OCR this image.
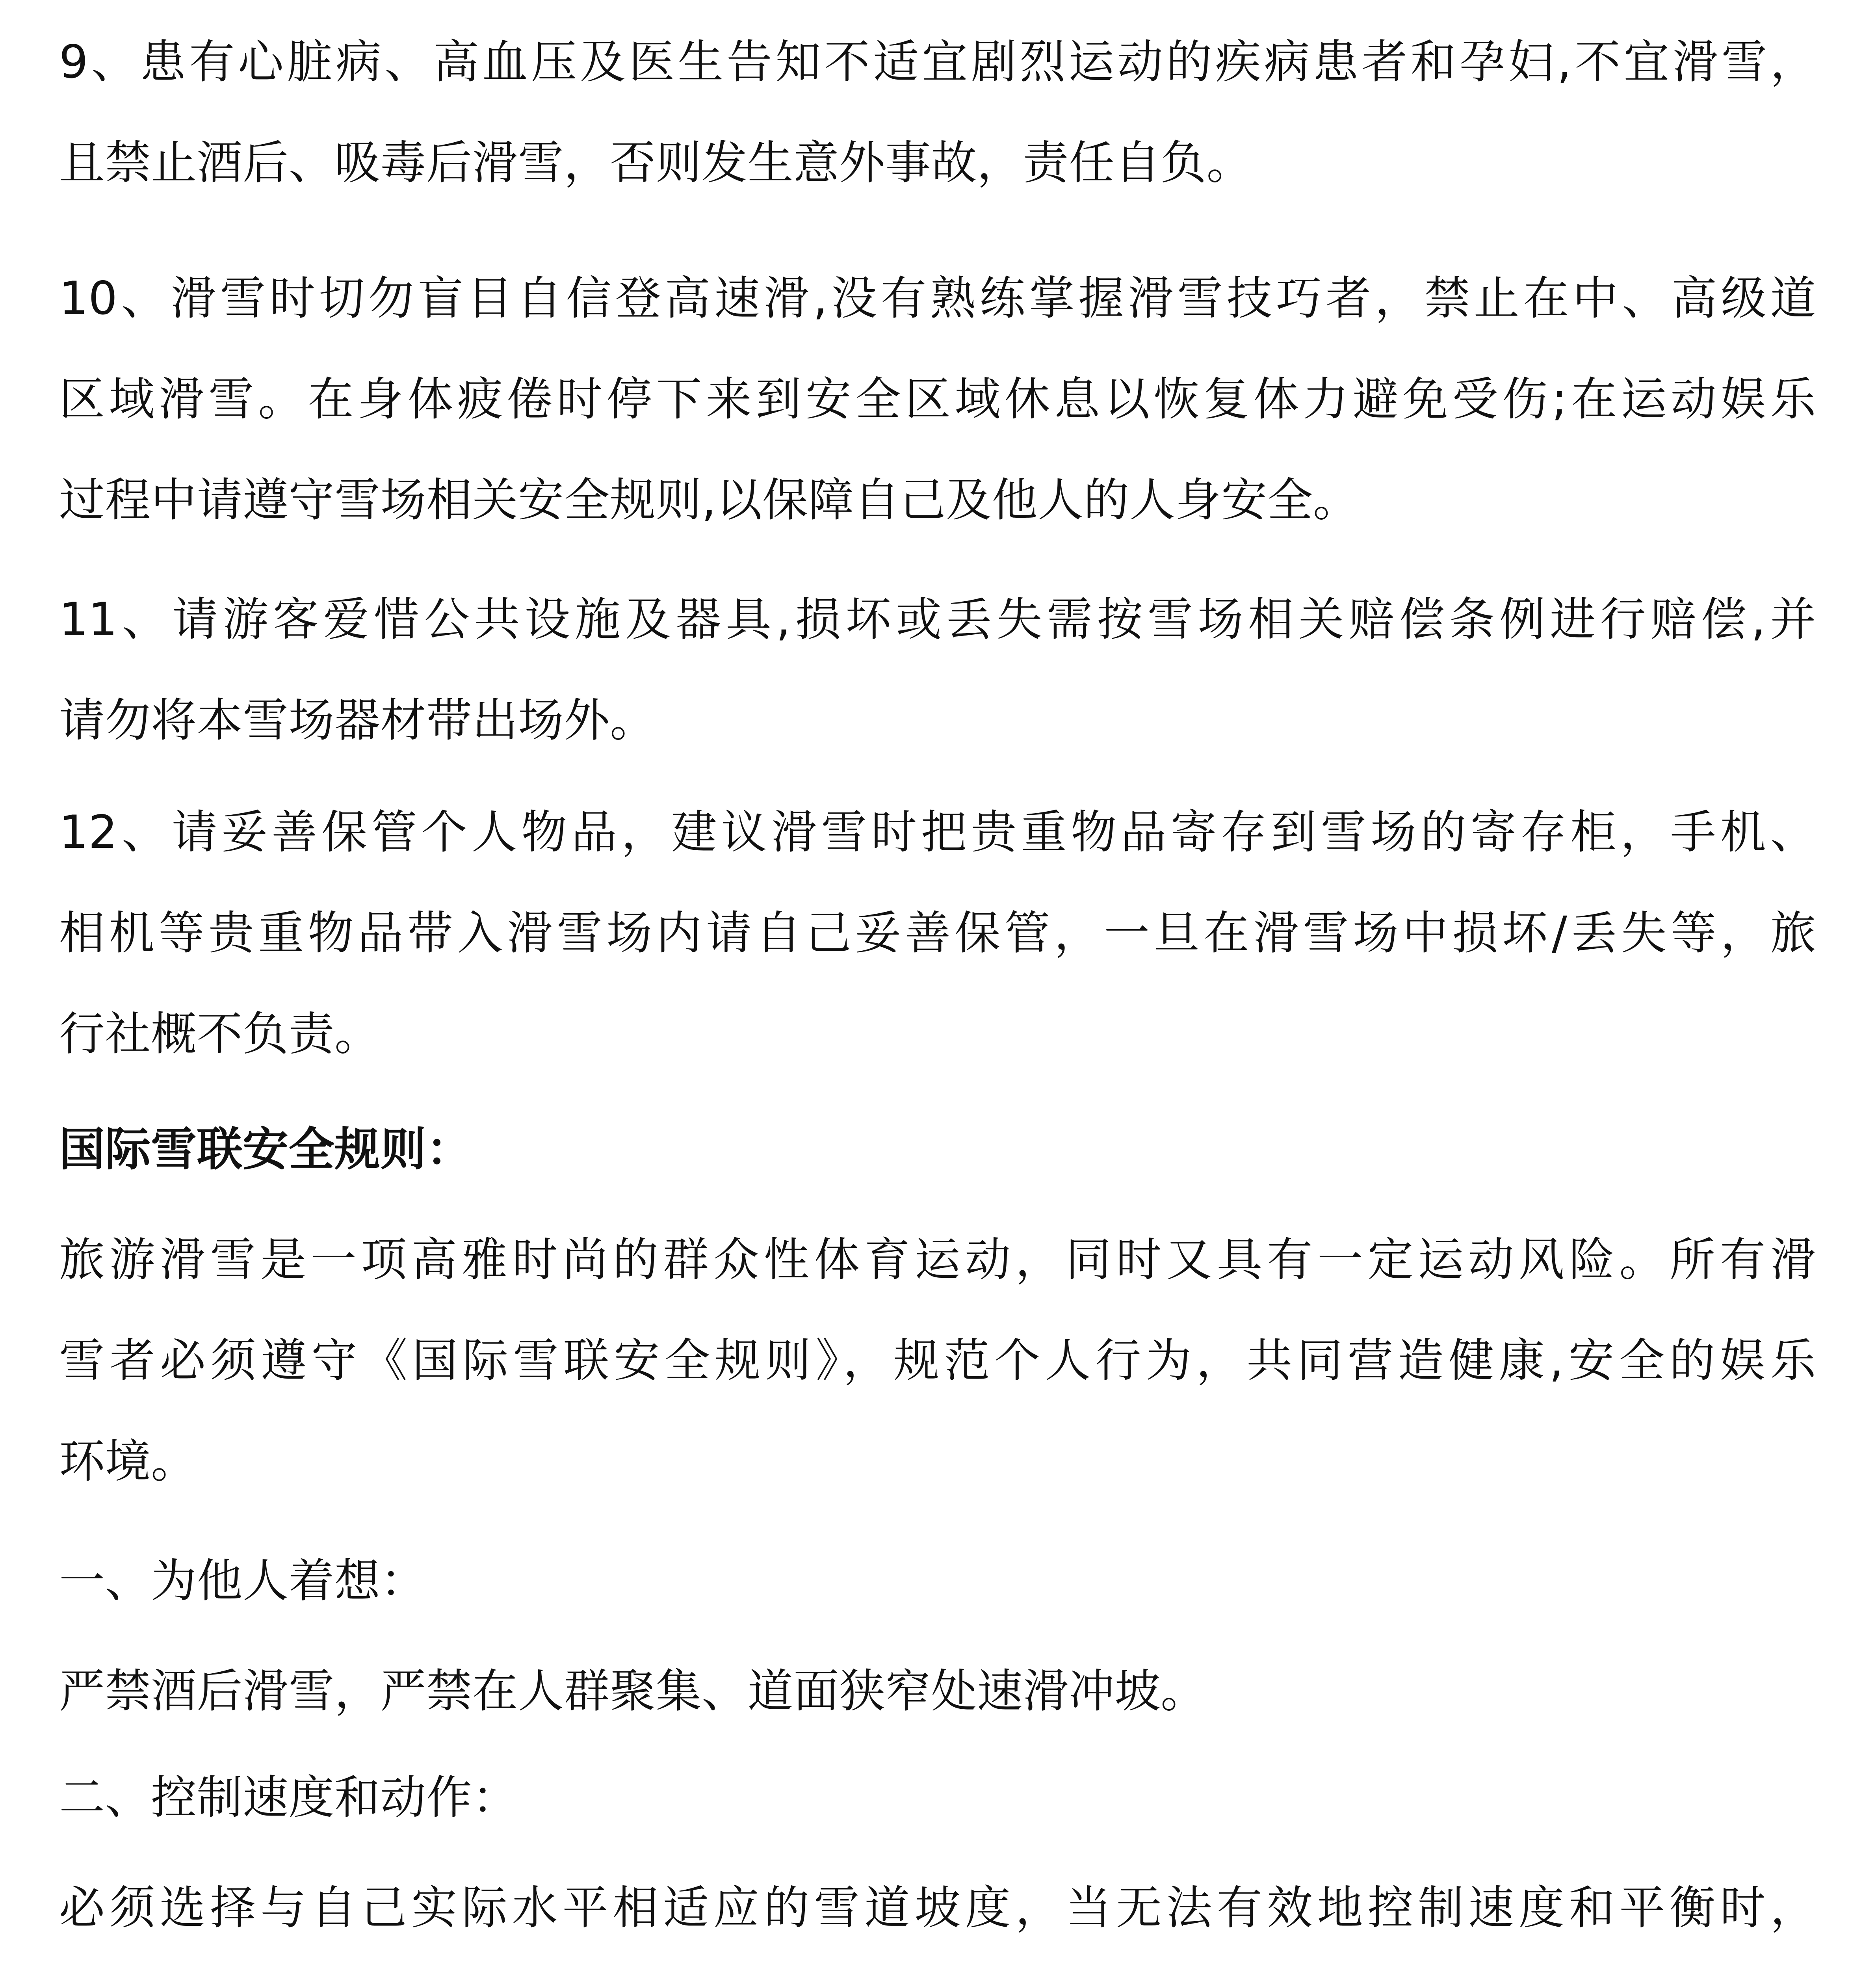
9、患有心脏病、高血压及医生告知不适宜剧烈运动的疾病患者和孕妇,不宜滑雪，
且禁止酒后、吸毒后滑雪，否则发生意外事故，责任自负。
10、滑雪时切勿盲目自信登高速滑,没有熟练掌握滑雪技巧者，禁止在中、高级道
区域滑雪。在身体疲倦时停下来到安全区域休息以恢复体力避免受伤;在运动娱乐
过程中请遵守雪场相关安全规则,以保障自己及他人的人身安全。
11、请游客爱惜公共设施及器具,损坏或丢失需按雪场相关赔偿条例进行赔偿,并
请勿将本雪场器材带出场外。
12、请妥善保管个人物品，建议滑雪时把贵重物品寄存到雪场的寄存柜，手机、
相机等贵重物品带入滑雪场内请自己妥善保管，一旦在滑雪场中损坏/丢失等，旅
行社概不负责。
国际雪联安全规则：
旅游滑雪是一项高雅时尚的群众性体育运动，同时又具有一定运动风险。所有滑
雪者必须遵守《国际雪联安全规则》，规范个人行为，共同营造健康,安全的娱乐
环境。
一、为他人着想：
严禁酒后滑雪，严禁在人群聚集、道面狭窄处速滑冲坡。
二、控制速度和动作：
必须选择与自己实际水平相适应的雪道坡度，当无法有效地控制速度和平衡时，
